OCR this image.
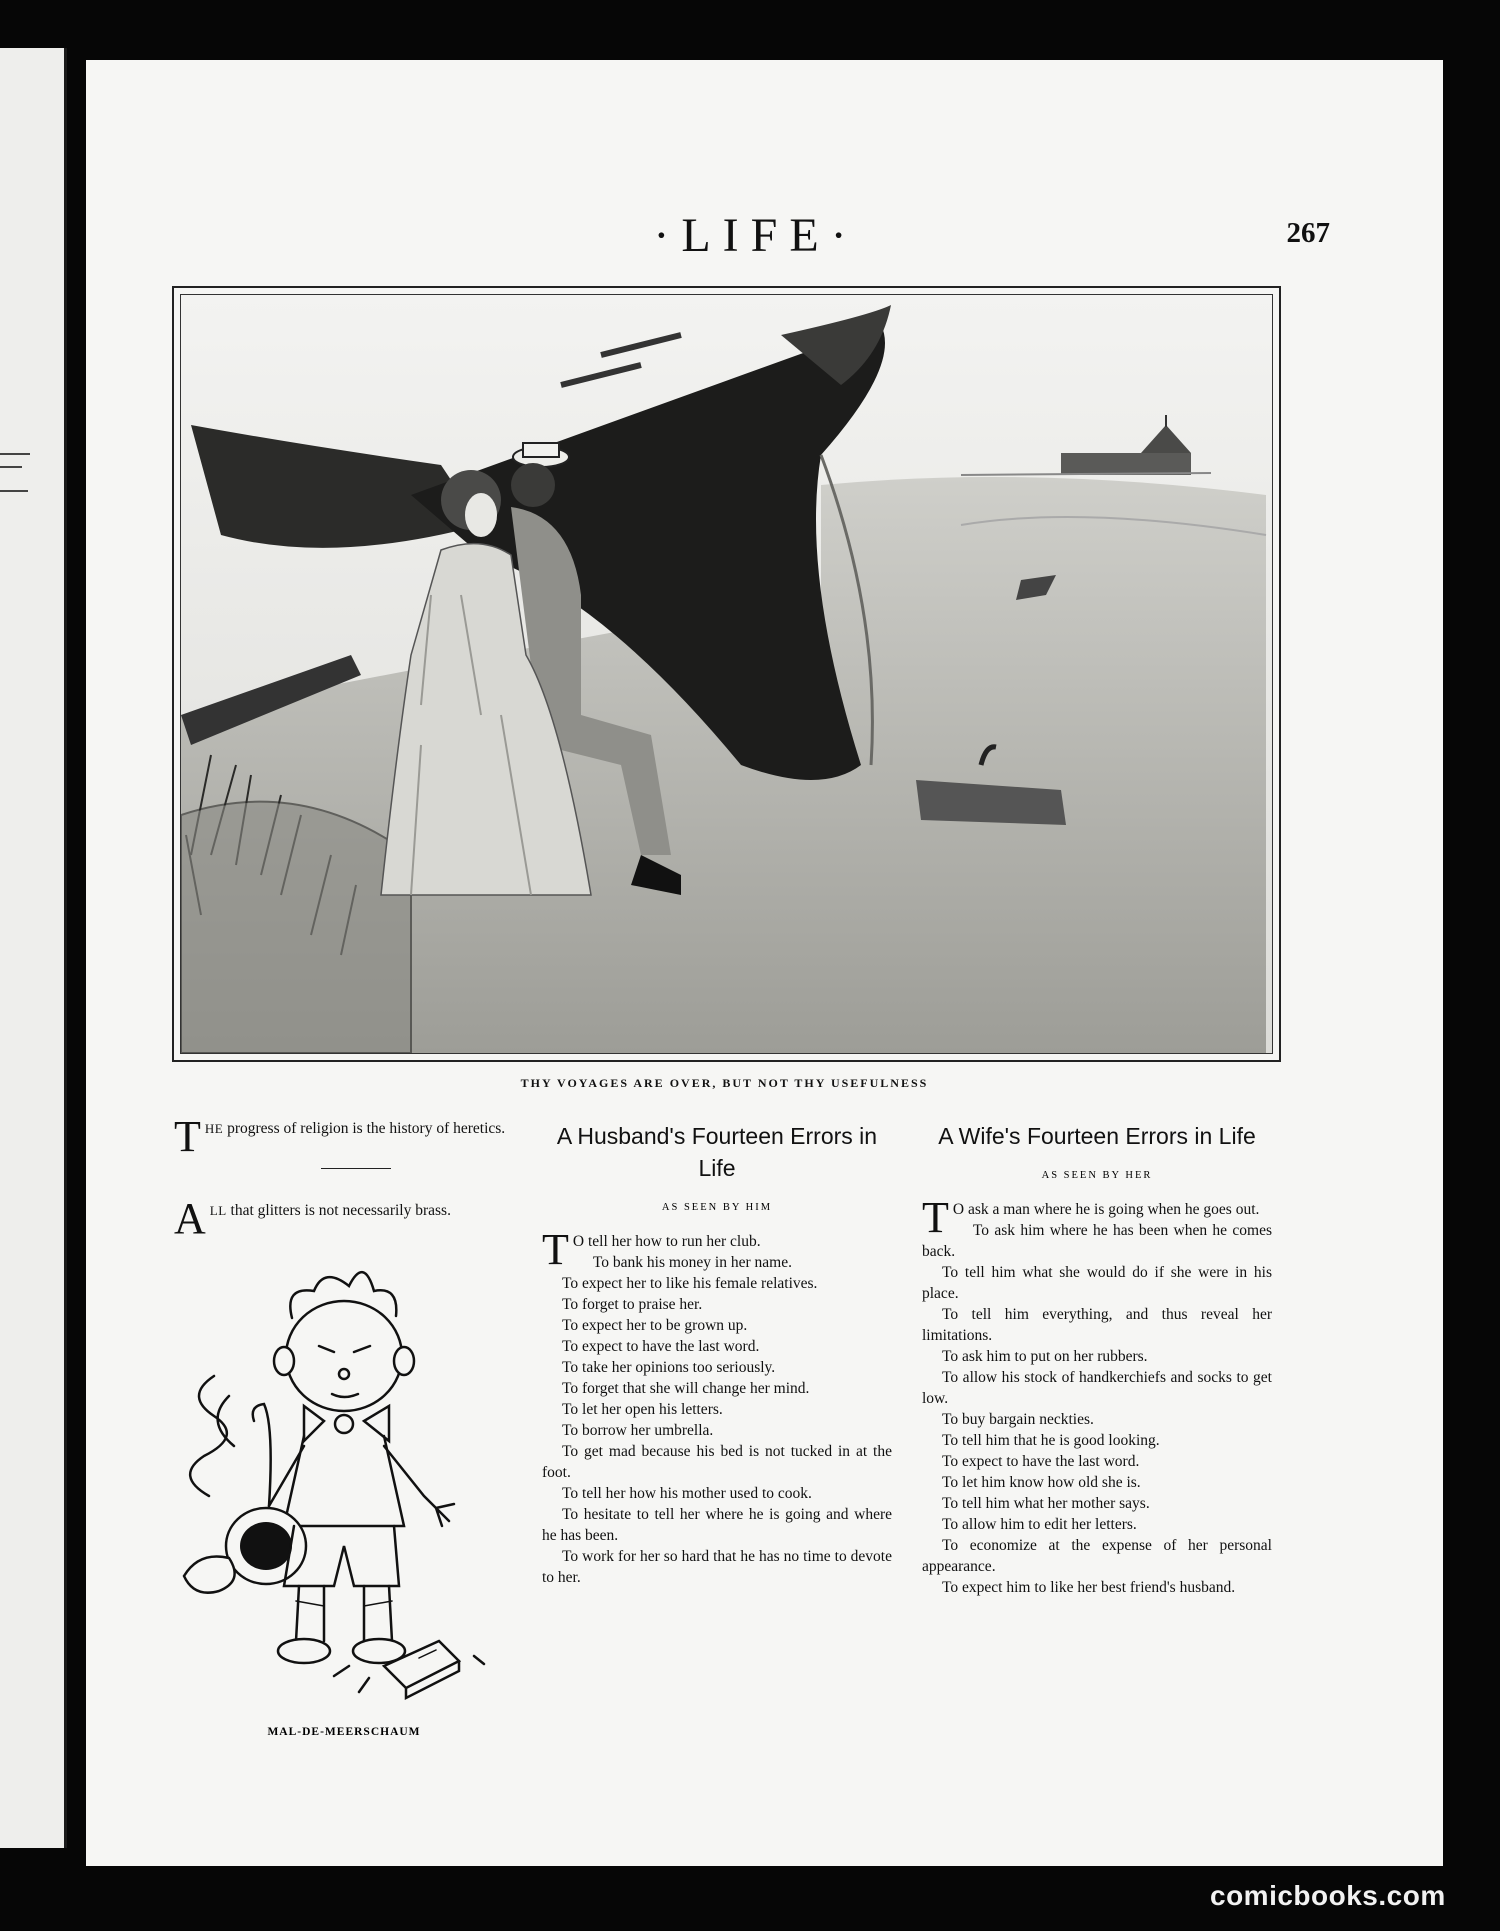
·LIFE·	267
THY VOYAGES ARE OVER, BUT NOT THY USEFULNESS

THE progress of religion is the history of heretics.

ALL that glitters is not necessarily brass.

MAL-DE-MEERSCHAUM
A Husband's Fourteen Errors in Life
AS SEEN BY HIM

T O tell her how to run her club.

To bank his money in her name.

To expect her to like his female relatives.

To forget to praise her.

To expect her to be grown up.

To expect to have the last word.

To take her opinions too seriously.

To forget that she will change her mind.

To let her open his letters.

To borrow her umbrella.

To get mad because his bed is not tucked in at the foot.

To tell her how his mother used to cook.

To hesitate to tell her where he is going and where he has been.

To work for her so hard that he has no time to devote to her.

A Wife's Fourteen Errors in Life
AS SEEN BY HER

T O ask a man where he is going when he goes out.

To ask him where he has been when he comes back.

To tell him what she would do if she were in his place.

To tell him everything, and thus reveal her limitations.

To ask him to put on her rubbers.

To allow his stock of handkerchiefs and socks to get low.

To buy bargain neckties.

To tell him that he is good looking.

To expect to have the last word.

To let him know how old she is.

To tell him what her mother says.

To allow him to edit her letters.

To economize at the expense of her personal appearance.

To expect him to like her best friend's husband.

comicbooks.com
